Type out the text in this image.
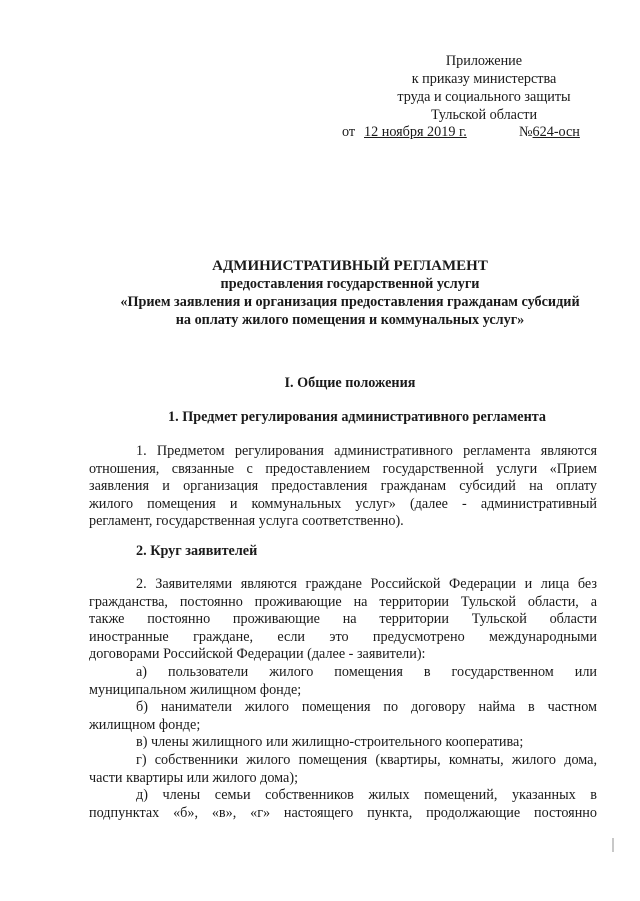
Приложение
к приказу министерства
труда и социального защиты
Тульской области
от 12 ноября 2019 г.	№624-осн
АДМИНИСТРАТИВНЫЙ РЕГЛАМЕНТ
предоставления государственной услуги
«Прием заявления и организация предоставления гражданам субсидий
на оплату жилого помещения и коммунальных услуг»
I. Общие положения
1. Предмет регулирования административного регламента

1. Предметом регулирования административного регламента являются

отношения, связанные с предоставлением государственной услуги «Прием

заявления и организация предоставления гражданам субсидий на оплату

жилого помещения и коммунальных услуг» (далее - административный

регламент, государственная услуга соответственно).

2. Круг заявителей

2. Заявителями являются граждане Российской Федерации и лица без

гражданства, постоянно проживающие на территории Тульской области, а

также постоянно проживающие на территории Тульской области

иностранные граждане, если это предусмотрено международными

договорами Российской Федерации (далее - заявители):

а) пользователи жилого помещения в государственном или

муниципальном жилищном фонде;

б) наниматели жилого помещения по договору найма в частном

жилищном фонде;

в) члены жилищного или жилищно-строительного кооператива;

г) собственники жилого помещения (квартиры, комнаты, жилого дома,

части квартиры или жилого дома);

д) члены семьи собственников жилых помещений, указанных в

подпунктах «б», «в», «г» настоящего пункта, продолжающие постоянно
